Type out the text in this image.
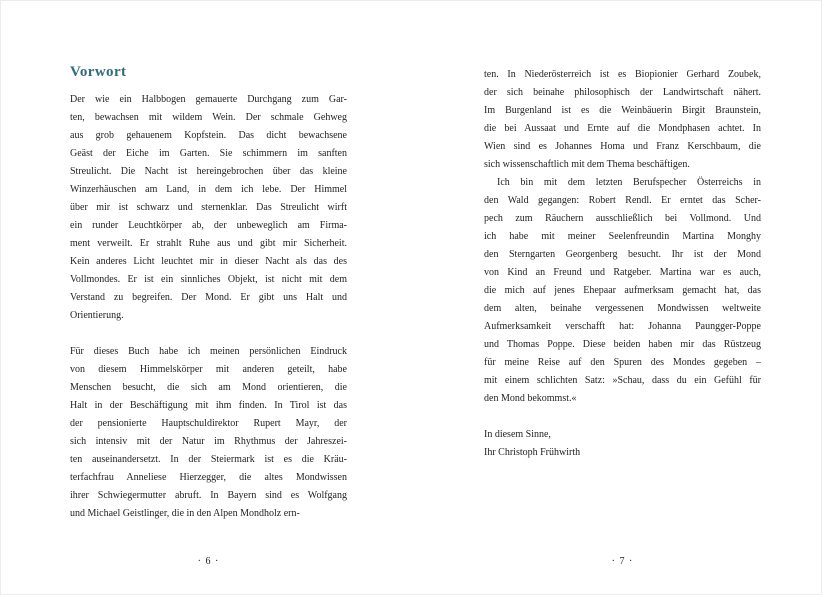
Vorwort
Der wie ein Halbbogen gemauerte Durchgang zum Gar-
ten, bewachsen mit wildem Wein. Der schmale Gehweg
aus grob gehauenem Kopfstein. Das dicht bewachsene
Geäst der Eiche im Garten. Sie schimmern im sanften
Streulicht. Die Nacht ist hereingebrochen über das kleine
Winzerhäuschen am Land, in dem ich lebe. Der Himmel
über mir ist schwarz und sternenklar. Das Streulicht wirft
ein runder Leuchtkörper ab, der unbeweglich am Firma-
ment verweilt. Er strahlt Ruhe aus und gibt mir Sicherheit.
Kein anderes Licht leuchtet mir in dieser Nacht als das des
Vollmondes. Er ist ein sinnliches Objekt, ist nicht mit dem
Verstand zu begreifen. Der Mond. Er gibt uns Halt und
Orientierung.
Für dieses Buch habe ich meinen persönlichen Eindruck
von diesem Himmelskörper mit anderen geteilt, habe
Menschen besucht, die sich am Mond orientieren, die
Halt in der Beschäftigung mit ihm finden. In Tirol ist das
der pensionierte Hauptschuldirektor Rupert Mayr, der
sich intensiv mit der Natur im Rhythmus der Jahreszei-
ten auseinandersetzt. In der Steiermark ist es die Kräu-
terfachfrau Anneliese Hierzegger, die altes Mondwissen
ihrer Schwiegermutter abruft. In Bayern sind es Wolfgang
und Michael Geistlinger, die in den Alpen Mondholz ern-
· 6 ·
ten. In Niederösterreich ist es Biopionier Gerhard Zoubek,
der sich beinahe philosophisch der Landwirtschaft nähert.
Im Burgenland ist es die Weinbäuerin Birgit Braunstein,
die bei Aussaat und Ernte auf die Mondphasen achtet. In
Wien sind es Johannes Homa und Franz Kerschbaum, die
sich wissenschaftlich mit dem Thema beschäftigen.
Ich bin mit dem letzten Berufspecher Österreichs in
den Wald gegangen: Robert Rendl. Er erntet das Scher-
pech zum Räuchern ausschließlich bei Vollmond. Und
ich habe mit meiner Seelenfreundin Martina Monghy
den Sterngarten Georgenberg besucht. Ihr ist der Mond
von Kind an Freund und Ratgeber. Martina war es auch,
die mich auf jenes Ehepaar aufmerksam gemacht hat, das
dem alten, beinahe vergessenen Mondwissen weltweite
Aufmerksamkeit verschafft hat: Johanna Paungger-Poppe
und Thomas Poppe. Diese beiden haben mir das Rüstzeug
für meine Reise auf den Spuren des Mondes gegeben –
mit einem schlichten Satz: »Schau, dass du ein Gefühl für
den Mond bekommst.«
In diesem Sinne,
Ihr Christoph Frühwirth
· 7 ·
